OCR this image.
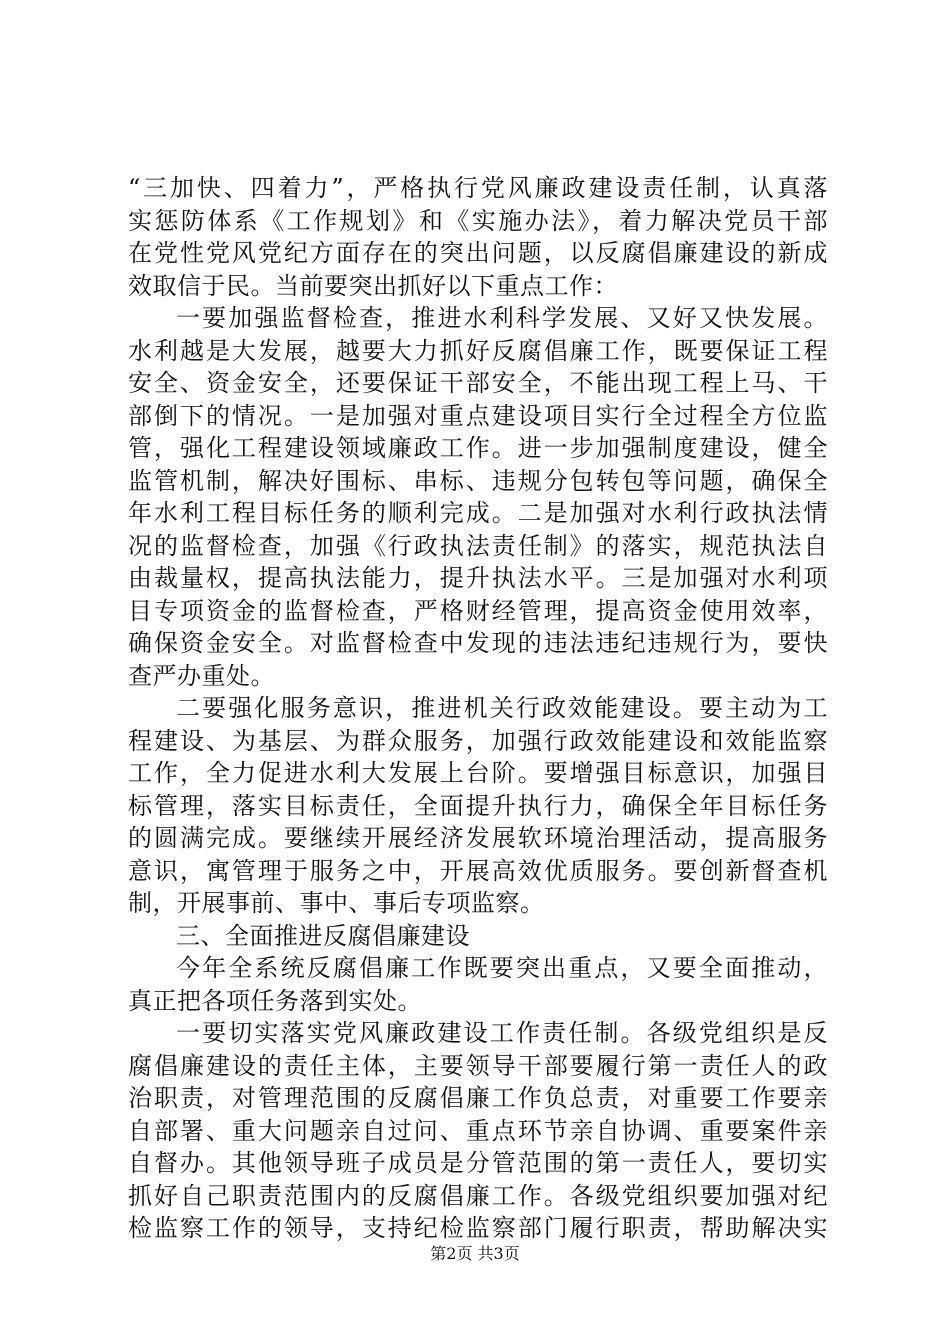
“三加快、四着力”，严格执行党风廉政建设责任制，认真落
实惩防体系《工作规划》和《实施办法》，着力解决党员干部
在党性党风党纪方面存在的突出问题，以反腐倡廉建设的新成
效取信于民。当前要突出抓好以下重点工作：
一要加强监督检查，推进水利科学发展、又好又快发展。
水利越是大发展，越要大力抓好反腐倡廉工作，既要保证工程
安全、资金安全，还要保证干部安全，不能出现工程上马、干
部倒下的情况。一是加强对重点建设项目实行全过程全方位监
管，强化工程建设领域廉政工作。进一步加强制度建设，健全
监管机制，解决好围标、串标、违规分包转包等问题，确保全
年水利工程目标任务的顺利完成。二是加强对水利行政执法情
况的监督检查，加强《行政执法责任制》的落实，规范执法自
由裁量权，提高执法能力，提升执法水平。三是加强对水利项
目专项资金的监督检查，严格财经管理，提高资金使用效率，
确保资金安全。对监督检查中发现的违法违纪违规行为，要快
查严办重处。
二要强化服务意识，推进机关行政效能建设。要主动为工
程建设、为基层、为群众服务，加强行政效能建设和效能监察
工作，全力促进水利大发展上台阶。要增强目标意识，加强目
标管理，落实目标责任，全面提升执行力，确保全年目标任务
的圆满完成。要继续开展经济发展软环境治理活动，提高服务
意识，寓管理于服务之中，开展高效优质服务。要创新督查机
制，开展事前、事中、事后专项监察。
三、全面推进反腐倡廉建设
今年全系统反腐倡廉工作既要突出重点，又要全面推动，
真正把各项任务落到实处。
一要切实落实党风廉政建设工作责任制。各级党组织是反
腐倡廉建设的责任主体，主要领导干部要履行第一责任人的政
治职责，对管理范围的反腐倡廉工作负总责，对重要工作要亲
自部署、重大问题亲自过问、重点环节亲自协调、重要案件亲
自督办。其他领导班子成员是分管范围的第一责任人，要切实
抓好自己职责范围内的反腐倡廉工作。各级党组织要加强对纪
检监察工作的领导，支持纪检监察部门履行职责，帮助解决实
第2页 共3页
